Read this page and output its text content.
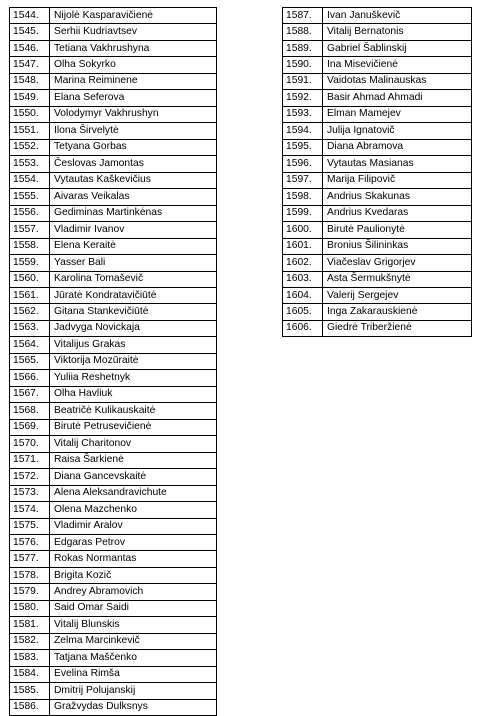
1544.	Nijolė Kasparavičienė
1545.	Serhii Kudriavtsev
1546.	Tetiana Vakhrushyna
1547.	Olha Sokyrko
1548.	Marina Reiminene
1549.	Elana Seferova
1550.	Volodymyr Vakhrushyn
1551.	Ilona Širvelytė
1552.	Tetyana Gorbas
1553.	Česlovas Jamontas
1554.	Vytautas Kaškevičius
1555.	Aivaras Veikalas
1556.	Gediminas Martinkėnas
1557.	Vladimir Ivanov
1558.	Elena Keraitė
1559.	Yasser Bali
1560.	Karolina Tomaševič
1561.	Jūratė Kondratavičiūtė
1562.	Gitana Stankevičiūtė
1563.	Jadvyga Novickaja
1564.	Vitalijus Grakas
1565.	Viktorija Mozūraitė
1566.	Yuliia Reshetnyk
1567.	Olha Havliuk
1568.	Beatričė Kulikauskaitė
1569.	Birutė Petrusevičienė
1570.	Vitalij Charitonov
1571.	Raisa Šarkienė
1572.	Diana Gancevskaitė
1573.	Alena Aleksandravichute
1574.	Olena Mazchenko
1575.	Vladimir Aralov
1576.	Edgaras Petrov
1577.	Rokas Normantas
1578.	Brigita Kozič
1579.	Andrey Abramovich
1580.	Said Omar Saidi
1581.	Vitalij Blunskis
1582.	Zelma Marcinkevič
1583.	Tatjana Maščenko
1584.	Evelina Rimša
1585.	Dmitrij Polujanskij
1586.	Gražvydas Dulksnys
1587.	Ivan Januškevič
1588.	Vitalij Bernatonis
1589.	Gabriel Šablinskij
1590.	Ina Misevičienė
1591.	Vaidotas Malinauskas
1592.	Basir Ahmad Ahmadi
1593.	Elman Mamejev
1594.	Julija Ignatovič
1595.	Diana Abramova
1596.	Vytautas Masianas
1597.	Marija Filipovič
1598.	Andrius Skakunas
1599.	Andrius Kvedaras
1600.	Birutė Paulionytė
1601.	Bronius Šilininkas
1602.	Viačeslav Grigorjev
1603.	Asta Šermukšnytė
1604.	Valerij Sergejev
1605.	Inga Zakarauskienė
1606.	Giedrė Triberžienė
